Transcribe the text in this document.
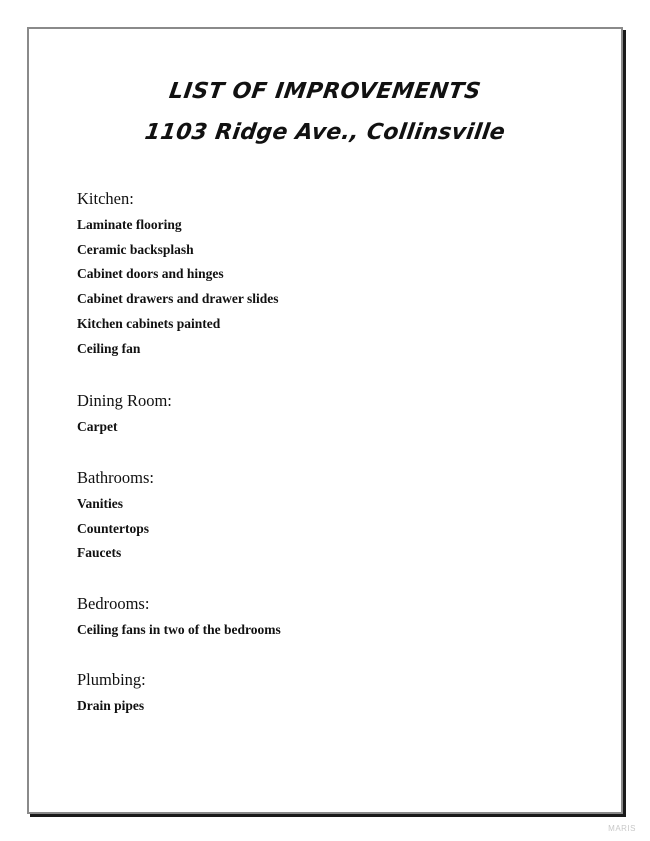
LIST OF IMPROVEMENTS
1103 Ridge Ave., Collinsville
Kitchen:
Laminate flooring
Ceramic backsplash
Cabinet doors and hinges
Cabinet drawers and drawer slides
Kitchen cabinets painted
Ceiling fan
Dining Room:
Carpet
Bathrooms:
Vanities
Countertops
Faucets
Bedrooms:
Ceiling fans in two of the bedrooms
Plumbing:
Drain pipes
MARIS
